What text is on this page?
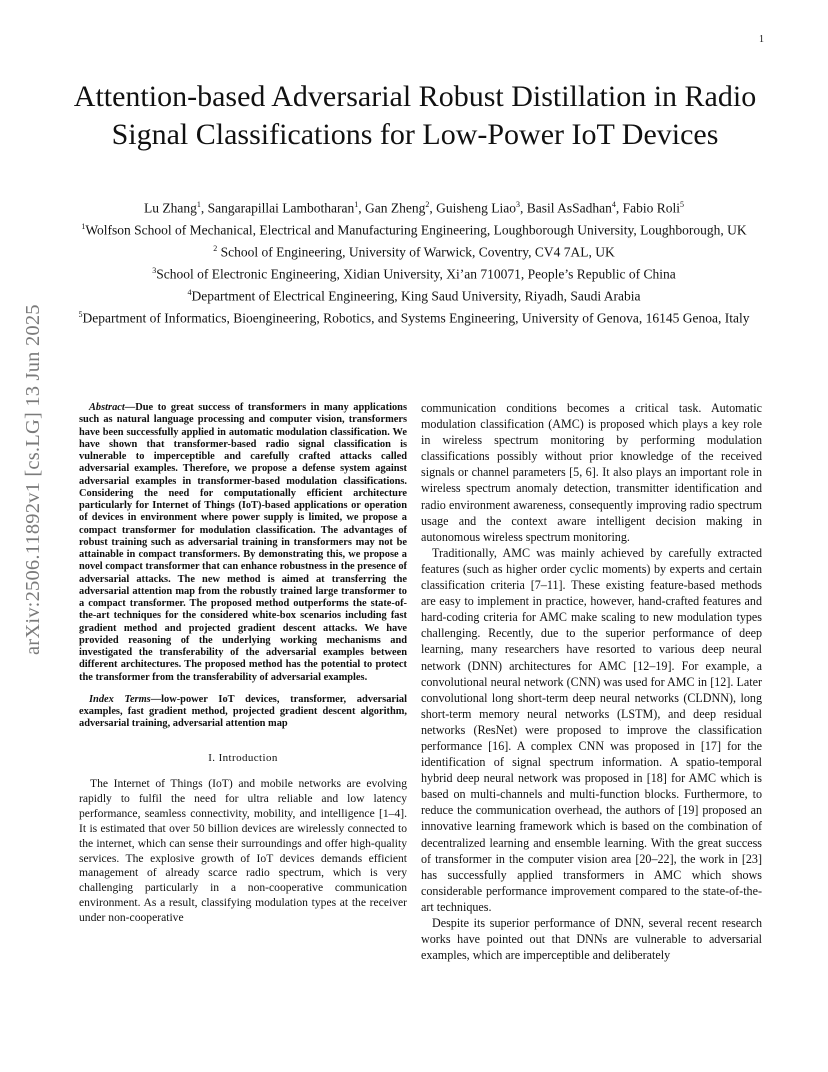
1
arXiv:2506.11892v1 [cs.LG] 13 Jun 2025
Attention-based Adversarial Robust Distillation in Radio Signal Classifications for Low-Power IoT Devices

Lu Zhang$^1$, Sangarapillai Lambotharan$^1$, Gan Zheng$^2$, Guisheng Liao$^3$, Basil AsSadhan$^4$, Fabio Roli$^5$

$^1$Wolfson School of Mechanical, Electrical and Manufacturing Engineering, Loughborough University, Loughborough, UK

$^2$ School of Engineering, University of Warwick, Coventry, CV4 7AL, UK

$^3$School of Electronic Engineering, Xidian University, Xi’an 710071, People’s Republic of China

$^4$Department of Electrical Engineering, King Saud University, Riyadh, Saudi Arabia

$^5$Department of Informatics, Bioengineering, Robotics, and Systems Engineering, University of Genova, 16145 Genoa, Italy

Abstract—Due to great success of transformers in many applications such as natural language processing and computer vision, transformers have been successfully applied in automatic modulation classification. We have shown that transformer-based radio signal classification is vulnerable to imperceptible and carefully crafted attacks called adversarial examples. Therefore, we propose a defense system against adversarial examples in transformer-based modulation classifications. Considering the need for computationally efficient architecture particularly for Internet of Things (IoT)-based applications or operation of devices in environment where power supply is limited, we propose a compact transformer for modulation classification. The advantages of robust training such as adversarial training in transformers may not be attainable in compact transformers. By demonstrating this, we propose a novel compact transformer that can enhance robustness in the presence of adversarial attacks. The new method is aimed at transferring the adversarial attention map from the robustly trained large transformer to a compact transformer. The proposed method outperforms the state-of-the-art techniques for the considered white-box scenarios including fast gradient method and projected gradient descent attacks. We have provided reasoning of the underlying working mechanisms and investigated the transferability of the adversarial examples between different architectures. The proposed method has the potential to protect the transformer from the transferability of adversarial examples.

Index Terms—low-power IoT devices, transformer, adversarial examples, fast gradient method, projected gradient descent algorithm, adversarial training, adversarial attention map

I. Introduction

The Internet of Things (IoT) and mobile networks are evolving rapidly to fulfil the need for ultra reliable and low latency performance, seamless connectivity, mobility, and intelligence [1–4]. It is estimated that over 50 billion devices are wirelessly connected to the internet, which can sense their surroundings and offer high-quality services. The explosive growth of IoT devices demands efficient management of already scarce radio spectrum, which is very challenging particularly in a non-cooperative communication environment. As a result, classifying modulation types at the receiver under non-cooperative

communication conditions becomes a critical task. Automatic modulation classification (AMC) is proposed which plays a key role in wireless spectrum monitoring by performing modulation classifications possibly without prior knowledge of the received signals or channel parameters [5, 6]. It also plays an important role in wireless spectrum anomaly detection, transmitter identification and radio environment awareness, consequently improving radio spectrum usage and the context aware intelligent decision making in autonomous wireless spectrum monitoring.

Traditionally, AMC was mainly achieved by carefully extracted features (such as higher order cyclic moments) by experts and certain classification criteria [7–11]. These existing feature-based methods are easy to implement in practice, however, hand-crafted features and hard-coding criteria for AMC make scaling to new modulation types challenging. Recently, due to the superior performance of deep learning, many researchers have resorted to various deep neural network (DNN) architectures for AMC [12–19]. For example, a convolutional neural network (CNN) was used for AMC in [12]. Later convolutional long short-term deep neural networks (CLDNN), long short-term memory neural networks (LSTM), and deep residual networks (ResNet) were proposed to improve the classification performance [16]. A complex CNN was proposed in [17] for the identification of signal spectrum information. A spatio-temporal hybrid deep neural network was proposed in [18] for AMC which is based on multi-channels and multi-function blocks. Furthermore, to reduce the communication overhead, the authors of [19] proposed an innovative learning framework which is based on the combination of decentralized learning and ensemble learning. With the great success of transformer in the computer vision area [20–22], the work in [23] has successfully applied transformers in AMC which shows considerable performance improvement compared to the state-of-the-art techniques.

Despite its superior performance of DNN, several recent research works have pointed out that DNNs are vulnerable to adversarial examples, which are imperceptible and deliberately
